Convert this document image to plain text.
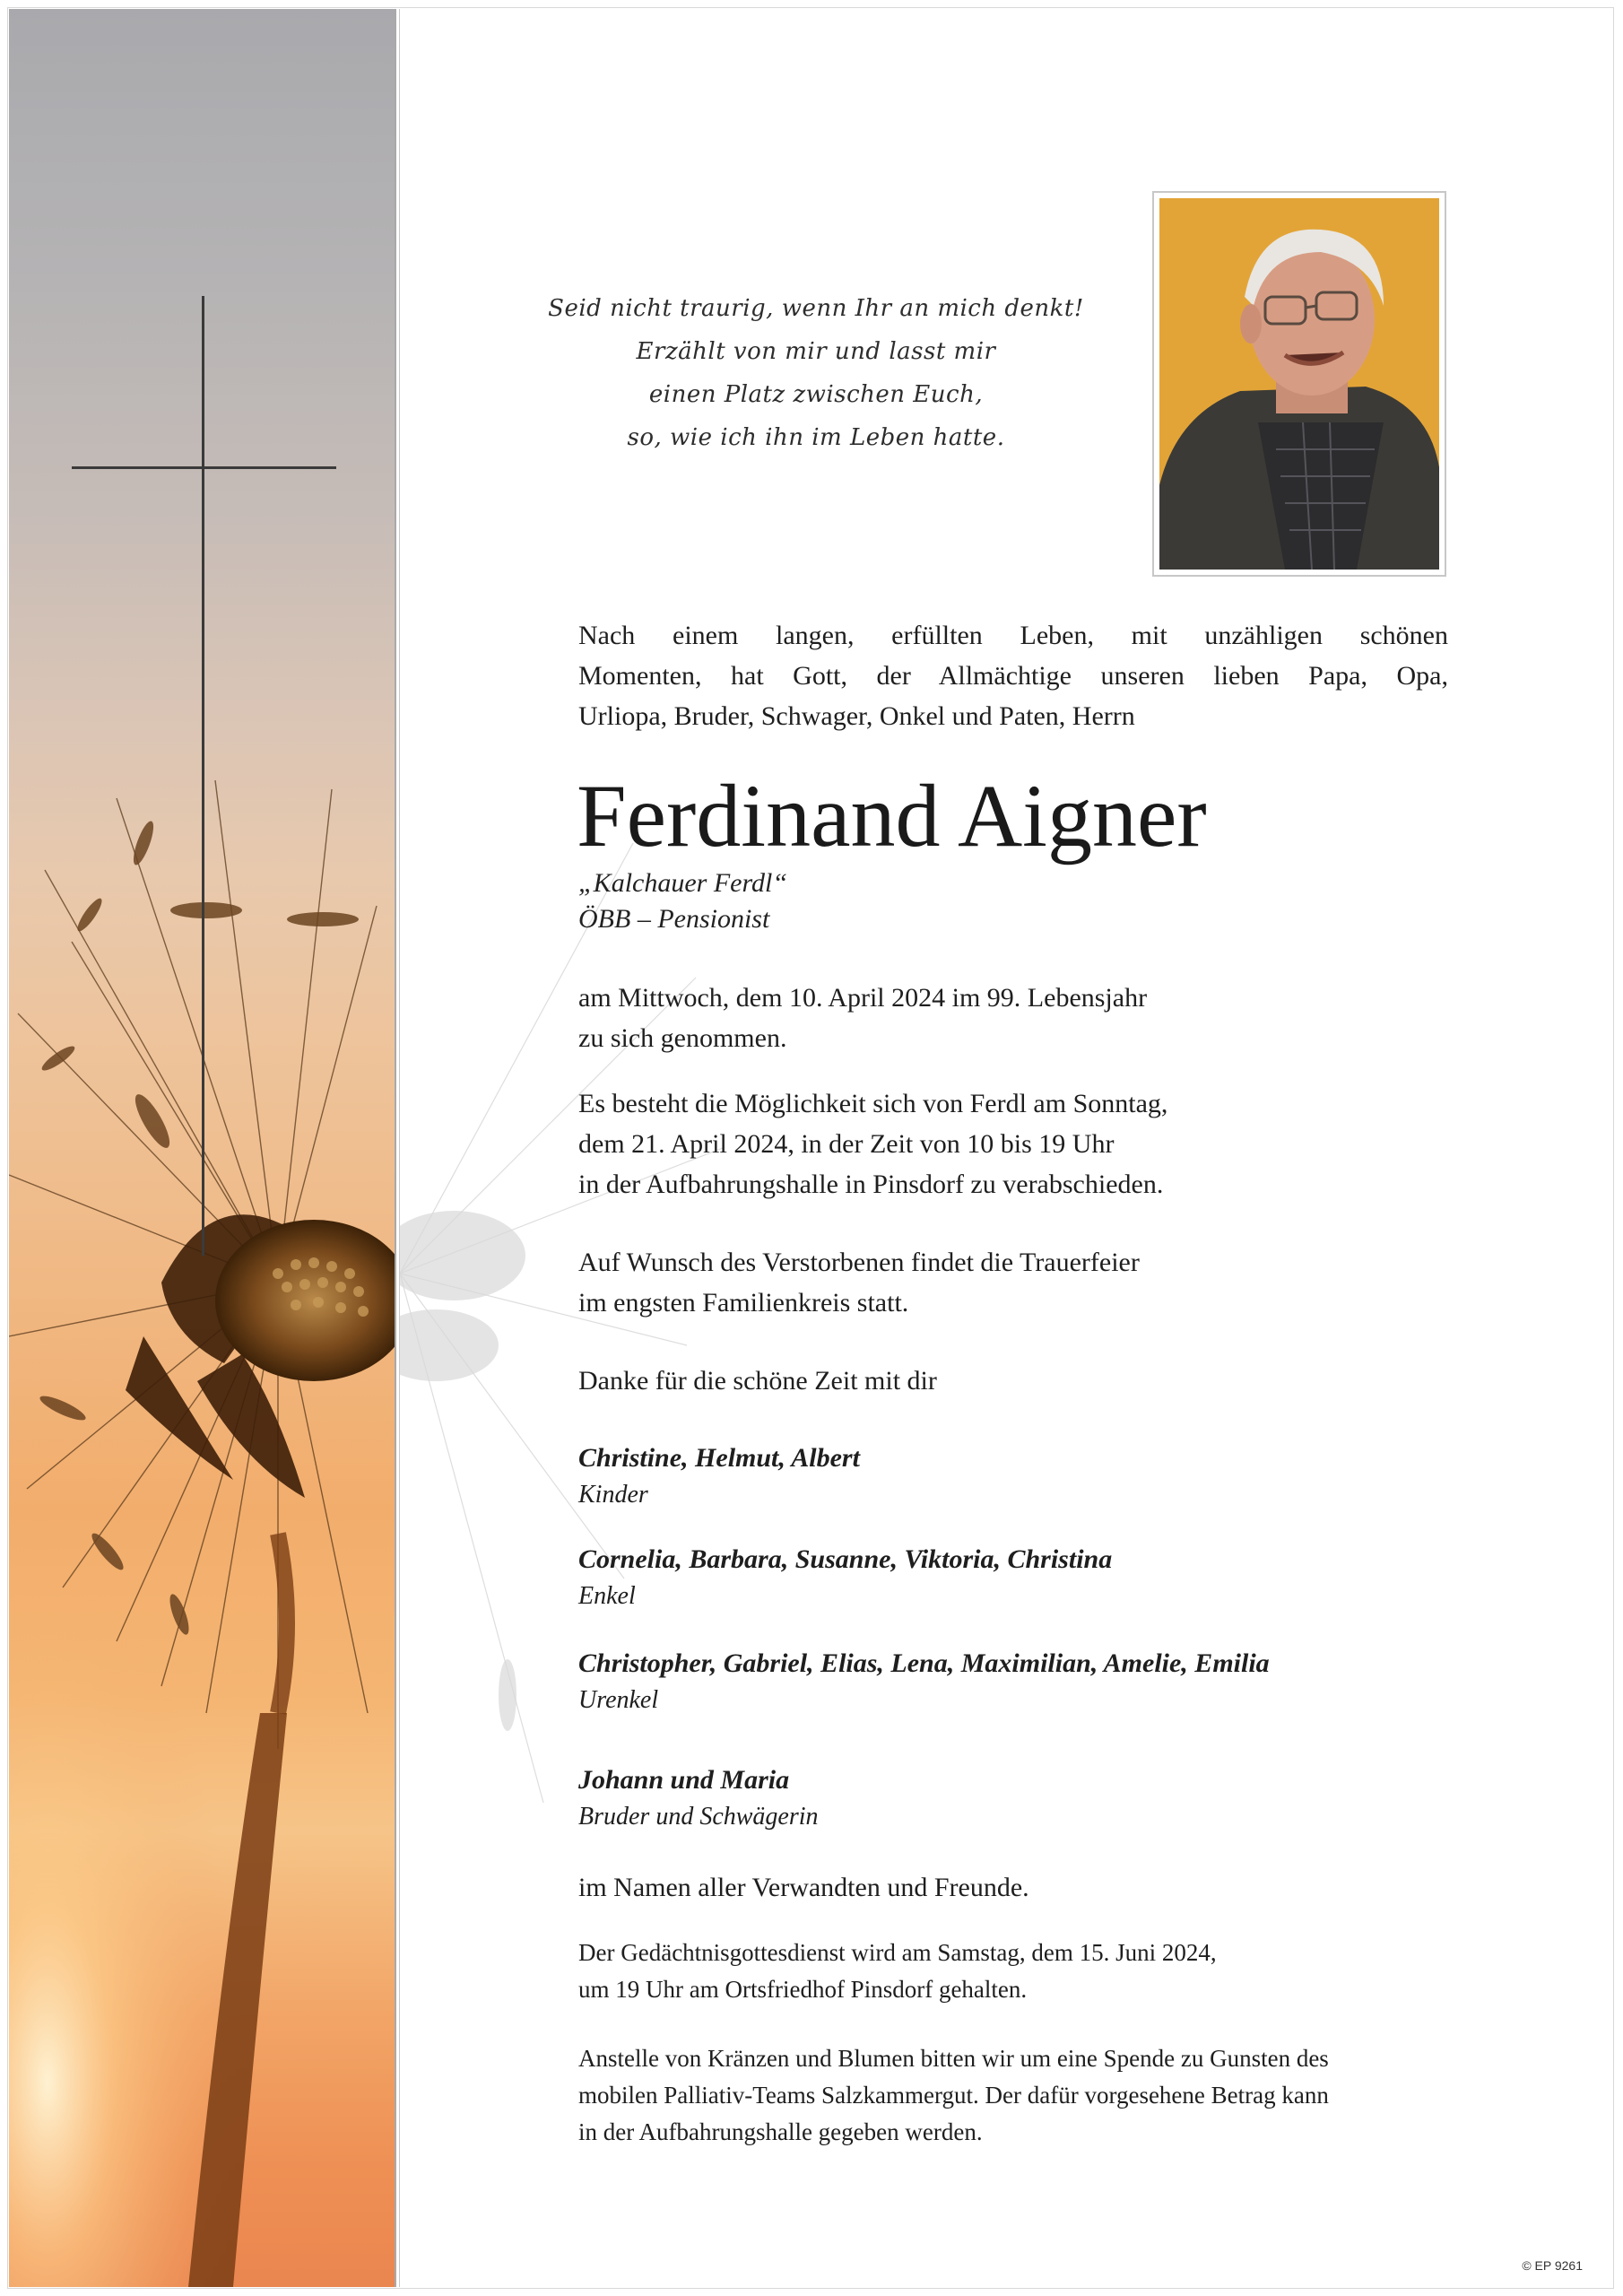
Seid nicht traurig, wenn Ihr an mich denkt!
Erzählt von mir und lasst mir
einen Platz zwischen Euch,
so, wie ich ihn im Leben hatte.
Nach einem langen, erfüllten Leben, mit unzähligen schönen
Momenten, hat Gott, der Allmächtige unseren lieben Papa, Opa,
Urliopa, Bruder, Schwager, Onkel und Paten, Herrn
Ferdinand Aigner
„Kalchauer Ferdl“
ÖBB – Pensionist
am Mittwoch, dem 10. April 2024 im 99. Lebensjahr
zu sich genommen.
Es besteht die Möglichkeit sich von Ferdl am Sonntag,
dem 21. April 2024, in der Zeit von 10 bis 19 Uhr
in der Aufbahrungshalle in Pinsdorf zu verabschieden.
Auf Wunsch des Verstorbenen findet die Trauerfeier
im engsten Familienkreis statt.
Danke für die schöne Zeit mit dir
Christine, Helmut, Albert
Kinder
Cornelia, Barbara, Susanne, Viktoria, Christina
Enkel
Christopher, Gabriel, Elias, Lena, Maximilian, Amelie, Emilia
Urenkel
Johann und Maria
Bruder und Schwägerin
im Namen aller Verwandten und Freunde.
Der Gedächtnisgottesdienst wird am Samstag, dem 15. Juni 2024,
um 19 Uhr am Ortsfriedhof Pinsdorf gehalten.
Anstelle von Kränzen und Blumen bitten wir um eine Spende zu Gunsten des
mobilen Palliativ-Teams Salzkammergut. Der dafür vorgesehene Betrag kann
in der Aufbahrungshalle gegeben werden.
© EP 9261
